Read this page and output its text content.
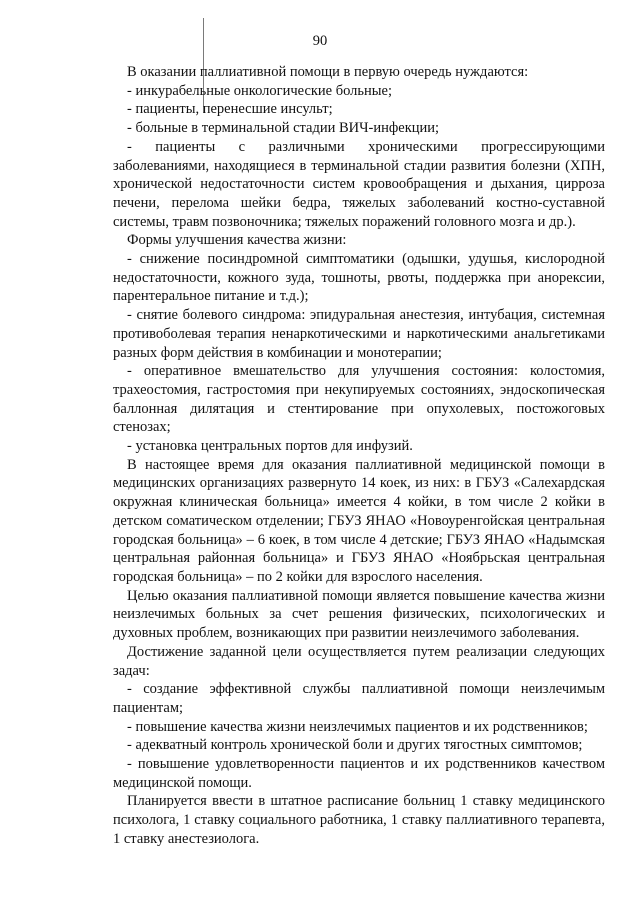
90

В оказании паллиативной помощи в первую очередь нуждаются:

- инкурабельные онкологические больные;

- пациенты, перенесшие инсульт;

- больные в терминальной стадии ВИЧ-инфекции;

- пациенты с различными хроническими прогрессирующими заболеваниями, находящиеся в терминальной стадии развития болезни (ХПН, хронической недостаточности систем кровообращения и дыхания, цирроза печени, перелома шейки бедра, тяжелых заболеваний костно-суставной системы, травм позвоночника; тяжелых поражений головного мозга и др.).

Формы улучшения качества жизни:

- снижение посиндромной симптоматики (одышки, удушья, кислородной недостаточности, кожного зуда, тошноты, рвоты, поддержка при анорексии, парентеральное питание и т.д.);

- снятие болевого синдрома: эпидуральная анестезия, интубация, системная противоболевая терапия ненаркотическими и наркотическими анальгетиками разных форм действия в комбинации и монотерапии;

- оперативное вмешательство для улучшения состояния: колостомия, трахеостомия, гастростомия при некупируемых состояниях, эндоскопическая баллонная дилятация и стентирование при опухолевых, постожоговых стенозах;

- установка центральных портов для инфузий.

В настоящее время для оказания паллиативной медицинской помощи в медицинских организациях развернуто 14 коек, из них: в ГБУЗ «Салехардская окружная клиническая больница» имеется 4 койки, в том числе 2 койки в детском соматическом отделении; ГБУЗ ЯНАО «Новоуренгойская центральная городская больница» – 6 коек, в том числе 4 детские; ГБУЗ ЯНАО «Надымская центральная районная больница» и ГБУЗ ЯНАО «Ноябрьская центральная городская больница» – по 2 койки для взрослого населения.

Целью оказания паллиативной помощи является повышение качества жизни неизлечимых больных за счет решения физических, психологических и духовных проблем, возникающих при развитии неизлечимого заболевания.

Достижение заданной цели осуществляется путем реализации следующих задач:

- создание эффективной службы паллиативной помощи неизлечимым пациентам;

- повышение качества жизни неизлечимых пациентов и их родственников;

- адекватный контроль хронической боли и других тягостных симптомов;

- повышение удовлетворенности пациентов и их родственников качеством медицинской помощи.

Планируется ввести в штатное расписание больниц 1 ставку медицинского психолога, 1 ставку социального работника, 1 ставку паллиативного терапевта, 1 ставку анестезиолога.
